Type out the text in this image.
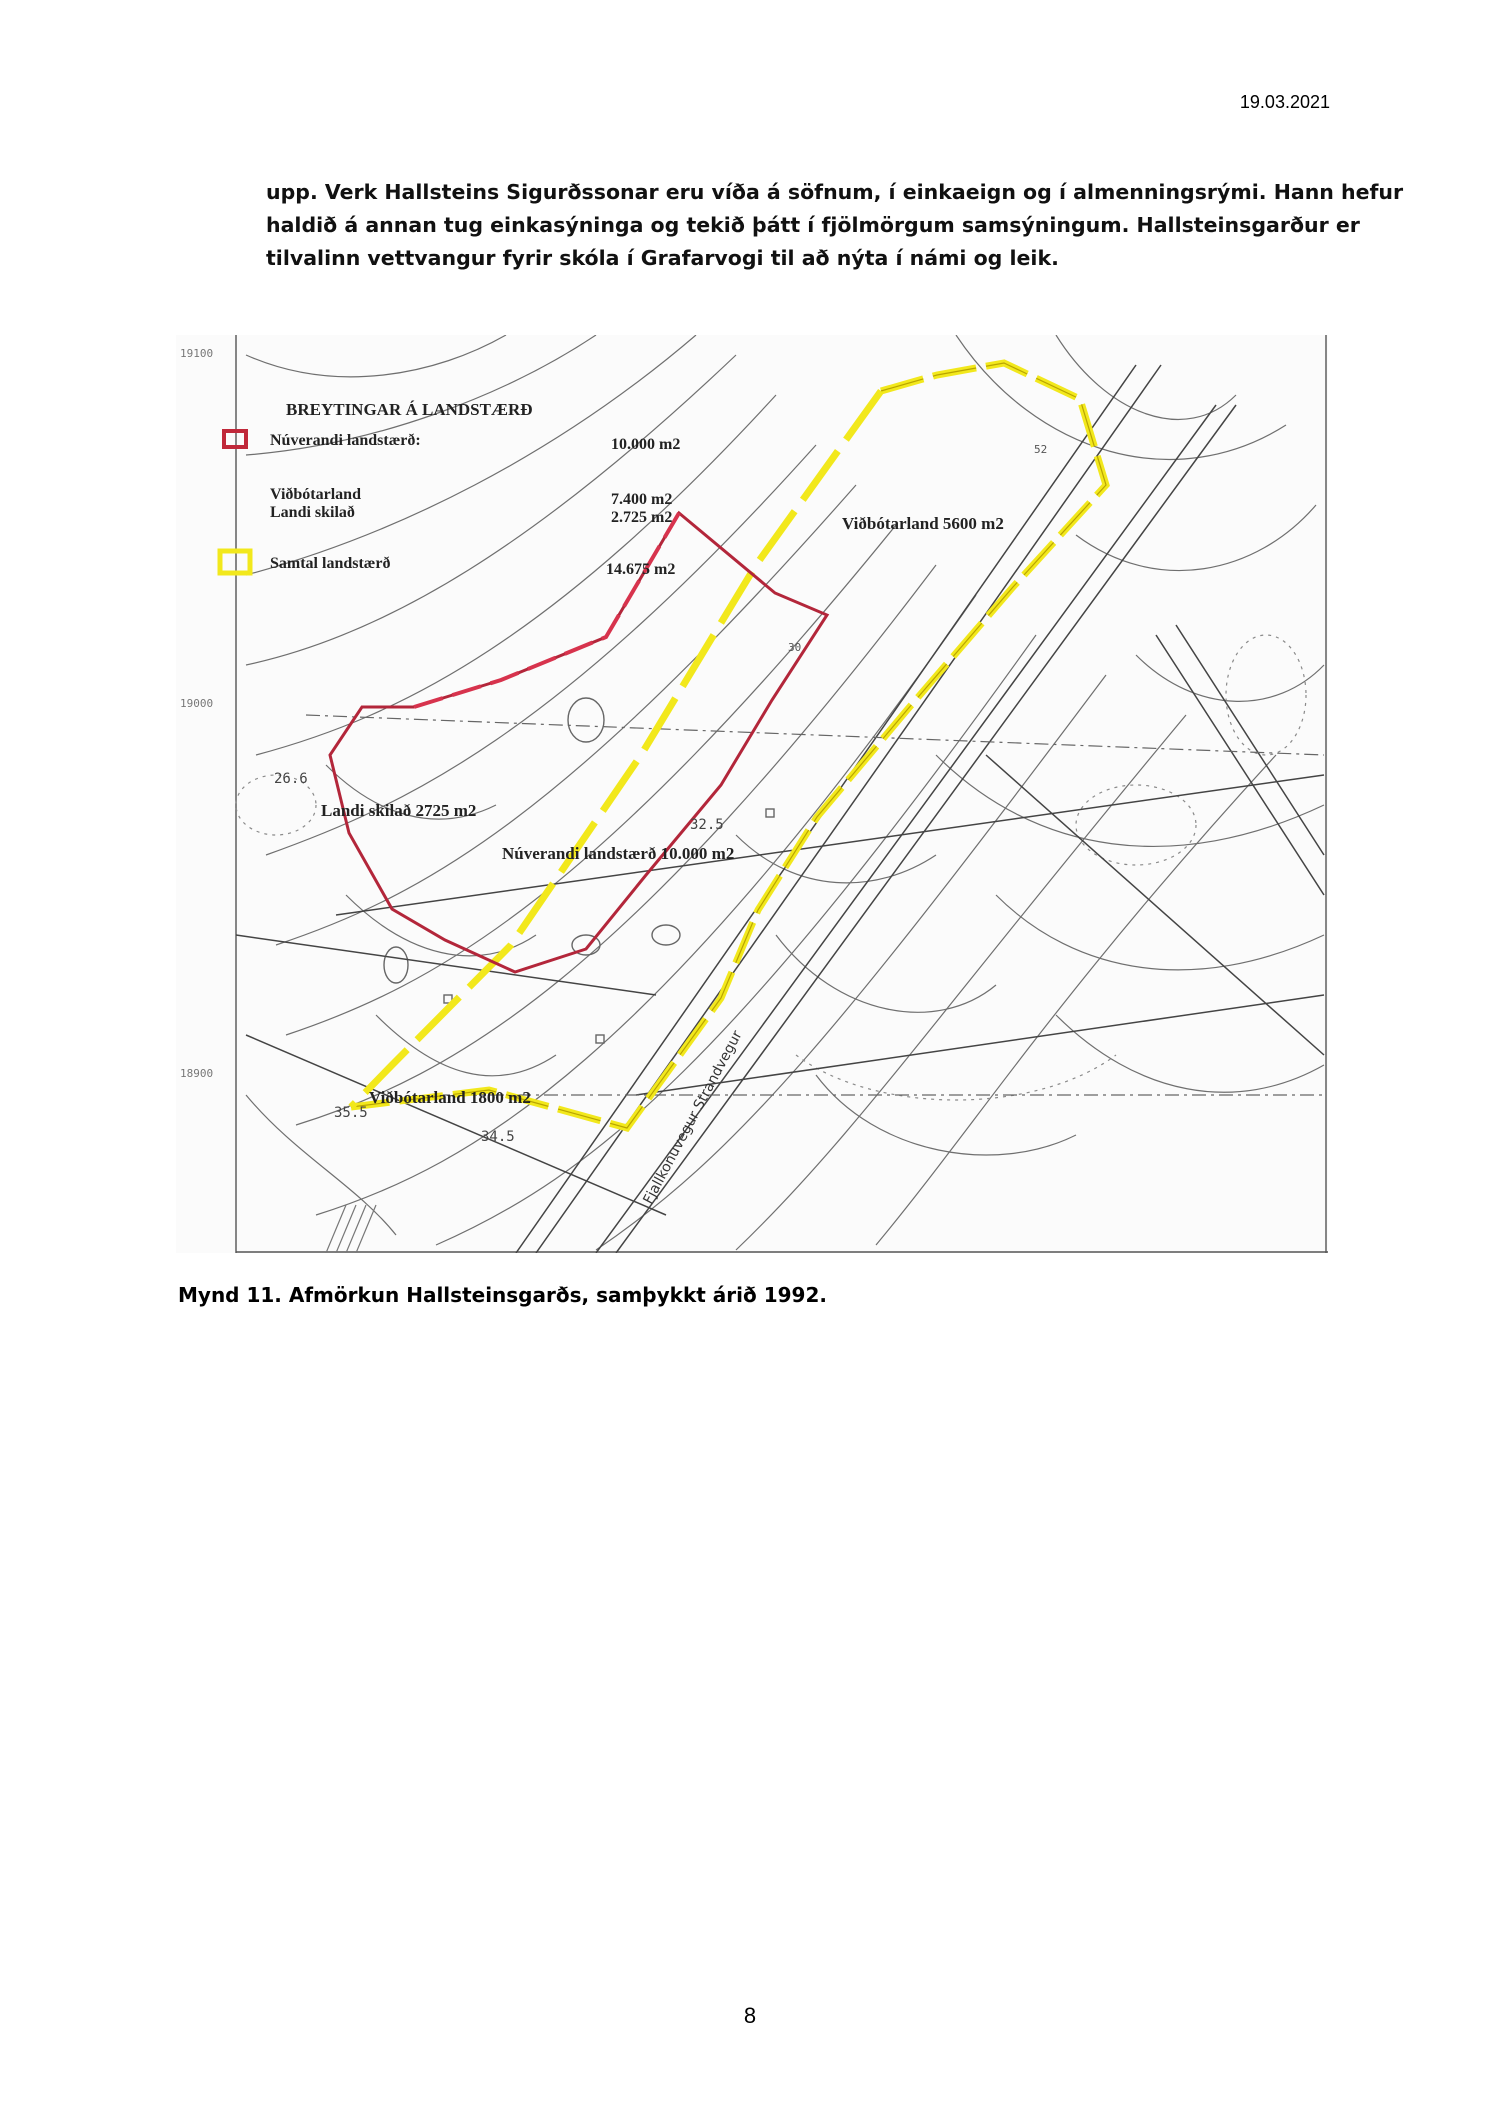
19.03.2021
upp. Verk Hallsteins Sigurðssonar eru víða á söfnum, í einkaeign og í almenningsrými. Hann hefur
haldið á annan tug einkasýninga og tekið þátt í fjölmörgum samsýningum. Hallsteinsgarður er
tilvalinn vettvangur fyrir skóla í Grafarvogi til að nýta í námi og leik.
19100
19000
18900
BREYTINGAR Á LANDSTÆRÐ
Núverandi landstærð:	10.000 m2
Viðbótarland	7.400 m2
Landi skilað	2.725 m2
Samtal landstærð	14.675 m2
Viðbótarland 5600 m2
Landi skilað 2725 m2
Núverandi landstærð 10.000 m2
Viðbótarland 1800 m2	Fjallkonuvegur Strandvegur
26.6
32.5
35.5
34.5
52
30
Mynd 11. Afmörkun Hallsteinsgarðs, samþykkt árið 1992.
8
